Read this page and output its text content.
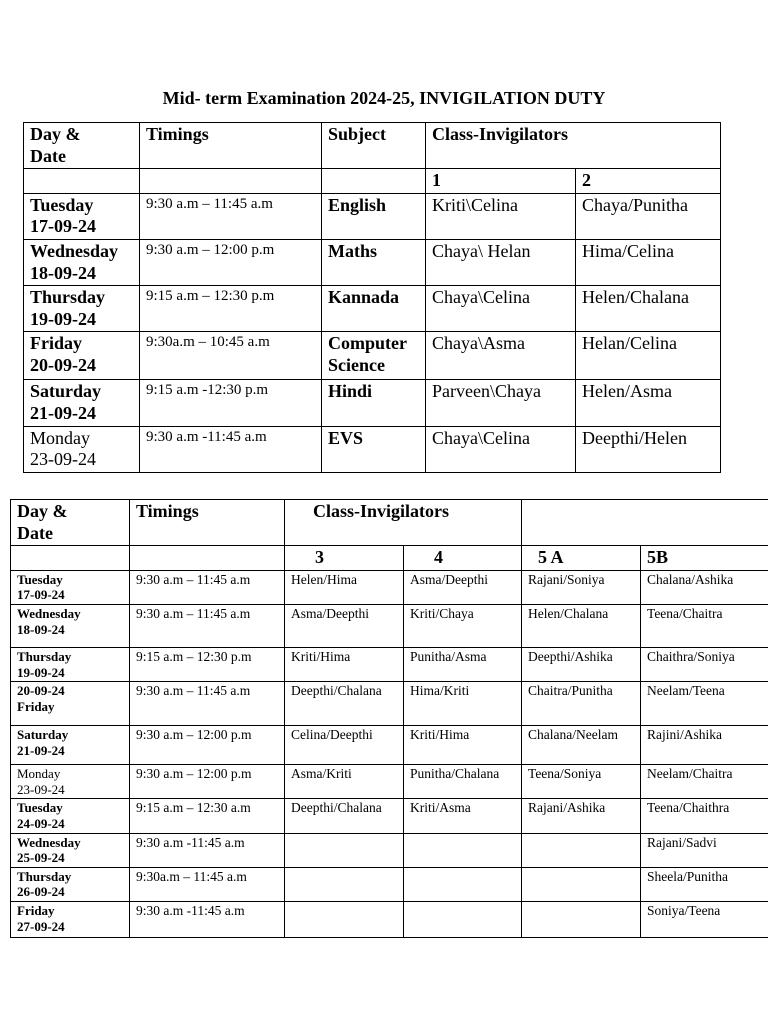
Mid- term Examination 2024-25, INVIGILATION DUTY
Day &
Date	Timings	Subject	Class-Invigilators	
			1	2

Tuesday
17-09-24	9:30 a.m – 11:45 a.m	English	Kriti\Celina	Chaya/Punitha

Wednesday
18-09-24	9:30 a.m – 12:00 p.m	Maths	Chaya\ Helan	Hima/Celina

Thursday
19-09-24	9:15 a.m – 12:30 p.m	Kannada	Chaya\Celina	Helen/Chalana

Friday
20-09-24	9:30a.m – 10:45 a.m	Computer
Science	Chaya\Asma	Helan/Celina

Saturday
21-09-24	9:15 a.m -12:30 p.m	Hindi	Parveen\Chaya	Helen/Asma

Monday
23-09-24	9:30 a.m -11:45 a.m	EVS	Chaya\Celina	Deepthi/Helen
Day &
Date	Timings	Class-Invigilators			
		3	4	5 A	5B

Tuesday
17-09-24	9:30 a.m – 11:45 a.m	Helen/Hima	Asma/Deepthi	Rajani/Soniya	Chalana/Ashika

Wednesday
18-09-24	9:30 a.m – 11:45 a.m	Asma/Deepthi	Kriti/Chaya	Helen/Chalana	Teena/Chaitra

Thursday
19-09-24	9:15 a.m – 12:30 p.m	Kriti/Hima	Punitha/Asma	Deepthi/Ashika	Chaithra/Soniya

20-09-24
Friday	9:30 a.m – 11:45 a.m	Deepthi/Chalana	Hima/Kriti	Chaitra/Punitha	Neelam/Teena

Saturday
21-09-24	9:30 a.m – 12:00 p.m	Celina/Deepthi	Kriti/Hima	Chalana/Neelam	Rajini/Ashika

Monday
23-09-24	9:30 a.m – 12:00 p.m	Asma/Kriti	Punitha/Chalana	Teena/Soniya	Neelam/Chaitra

Tuesday
24-09-24	9:15 a.m – 12:30 a.m	Deepthi/Chalana	Kriti/Asma	Rajani/Ashika	Teena/Chaithra

Wednesday
25-09-24	9:30 a.m -11:45 a.m				Rajani/Sadvi

Thursday
26-09-24	9:30a.m – 11:45 a.m				Sheela/Punitha

Friday
27-09-24	9:30 a.m -11:45 a.m				Soniya/Teena
